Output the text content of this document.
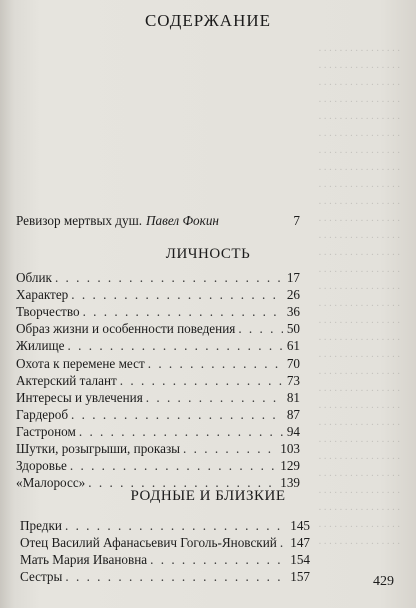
. . . . . . . . . . . . . . . .
. . . . . . . . . . . . . . . .
. . . . . . . . . . . . . . . .
. . . . . . . . . . . . . . . .
. . . . . . . . . . . . . . . .
. . . . . . . . . . . . . . . .
. . . . . . . . . . . . . . . .
. . . . . . . . . . . . . . . .
. . . . . . . . . . . . . . . .
. . . . . . . . . . . . . . . .
. . . . . . . . . . . . . . . .
. . . . . . . . . . . . . . . .
. . . . . . . . . . . . . . . .
. . . . . . . . . . . . . . . .
. . . . . . . . . . . . . . . .
. . . . . . . . . . . . . . . .
. . . . . . . . . . . . . . . .
. . . . . . . . . . . . . . . .
. . . . . . . . . . . . . . . .
. . . . . . . . . . . . . . . .
. . . . . . . . . . . . . . . .
. . . . . . . . . . . . . . . .
. . . . . . . . . . . . . . . .
. . . . . . . . . . . . . . . .
. . . . . . . . . . . . . . . .
. . . . . . . . . . . . . . . .
. . . . . . . . . . . . . . . .
. . . . . . . . . . . . . . . .
. . . . . . . . . . . . . . . .
. . . . . . . . . . . . . . . .
СОДЕРЖАНИЕ
Ревизор мертвых душ. Павел Фокин	7
ЛИЧНОСТЬ
Облик . . .	17
Характер . . .	26
Творчество . . .	36
Образ жизни и особенности поведения . . .	50
Жилище . . .	61
Охота к перемене мест . . .	70
Актерский талант . . .	73
Интересы и увлечения . . .	81
Гардероб . . .	87
Гастроном . . .	94
Шутки, розыгрыши, проказы . . .	103
Здоровье . . .	129
«Малоросс» . . .	139
РОДНЫЕ И БЛИЗКИЕ
Предки . . .	145
Отец Василий Афанасьевич Гоголь-Яновский . . . 147
Мать Мария Ивановна . . .	154
Сестры . . .	157	429
